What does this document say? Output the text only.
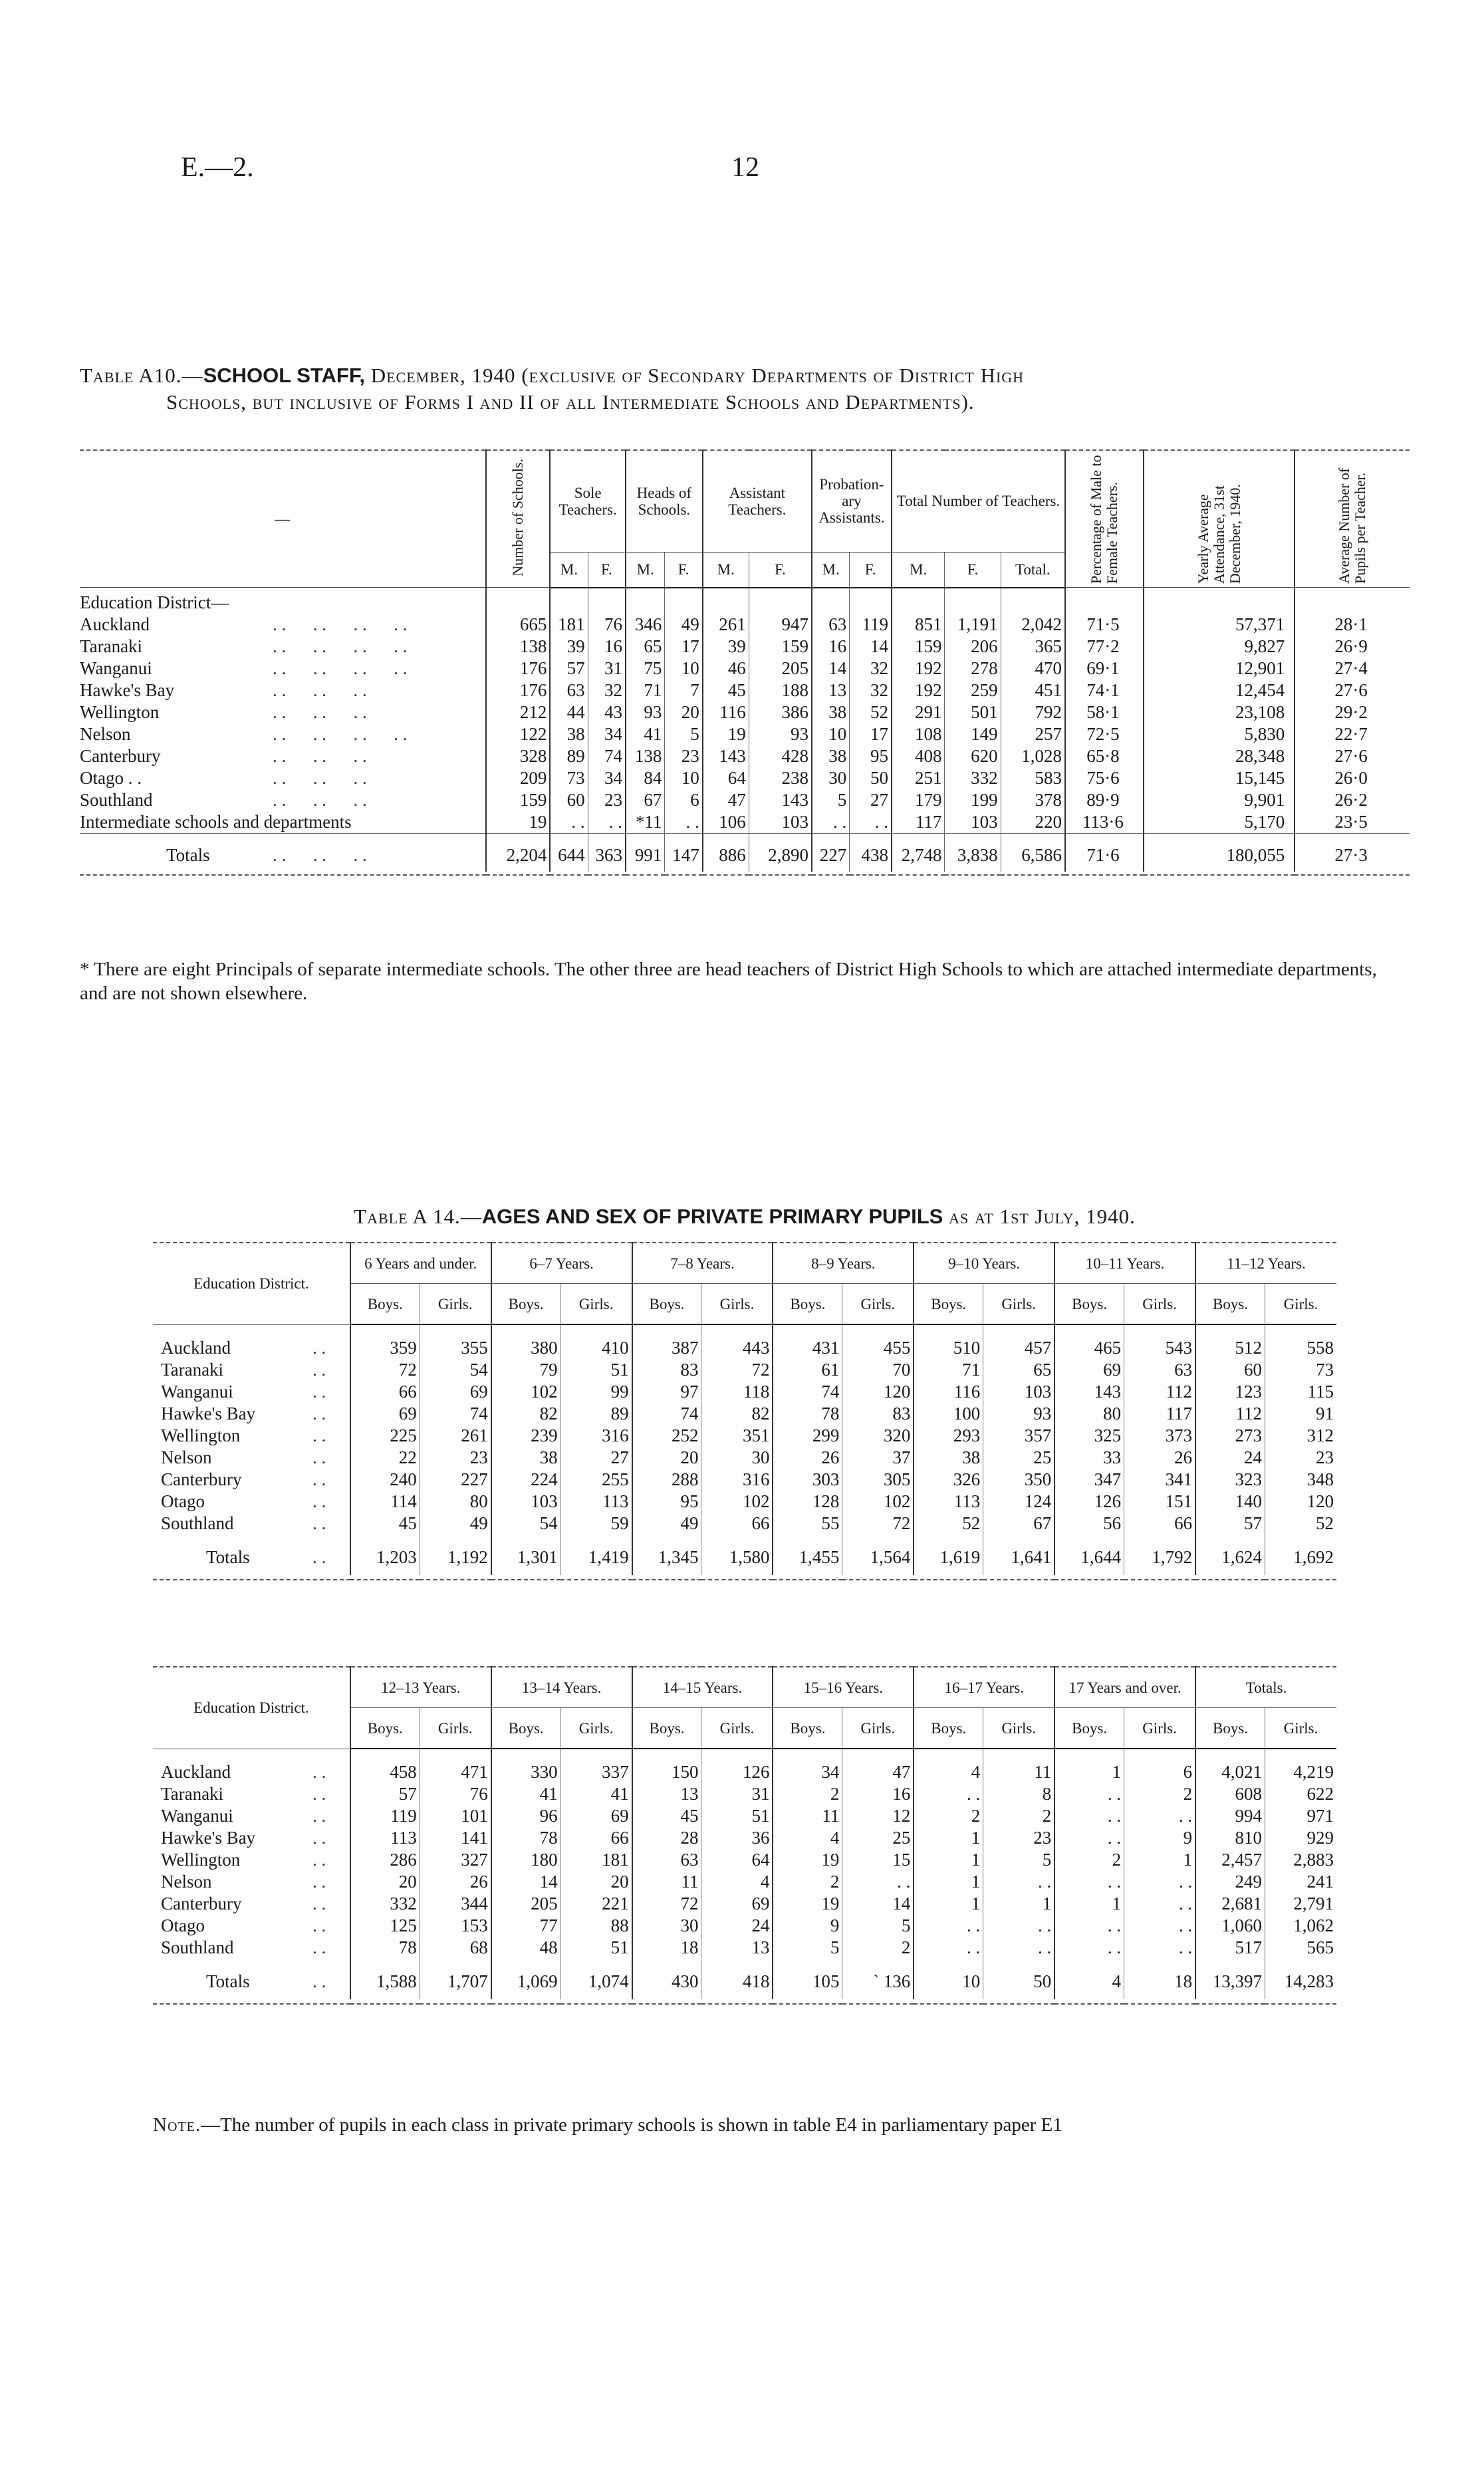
E.—2.	12
Table A10.—SCHOOL STAFF, December, 1940 (exclusive of Secondary Departments of District High
Schools, but inclusive of Forms I and II of all Intermediate Schools and Departments).
—	Number of Schools.	Sole Teachers.		Heads of Schools.		Assistant Teachers.		Probation-ary Assistants.		Total Number of Teachers.			Percentage of Male to Female Teachers.	Yearly Average Attendance, 31st December, 1940.	Average Number of Pupils per Teacher.
		M.	F.	M.	F.	M.	F.	M.	F.	M.	F.	Total.			
Education District—															
Auckland . .      . .      . .      . .	665	181	76	346	49	261	947	63	119	851	1,191	2,042	71·5	57,371	28·1
Taranaki . .      . .      . .      . .	138	39	16	65	17	39	159	16	14	159	206	365	77·2	9,827	26·9
Wanganui . .      . .      . .      . .	176	57	31	75	10	46	205	14	32	192	278	470	69·1	12,901	27·4
Hawke's Bay . .      . .      . .	176	63	32	71	7	45	188	13	32	192	259	451	74·1	12,454	27·6
Wellington . .      . .      . .	212	44	43	93	20	116	386	38	52	291	501	792	58·1	23,108	29·2
Nelson . .      . .      . .      . .	122	38	34	41	5	19	93	10	17	108	149	257	72·5	5,830	22·7
Canterbury . .      . .      . .	328	89	74	138	23	143	428	38	95	408	620	1,028	65·8	28,348	27·6
Otago . . . .      . .      . .	209	73	34	84	10	64	238	30	50	251	332	583	75·6	15,145	26·0
Southland . .      . .      . .	159	60	23	67	6	47	143	5	27	179	199	378	89·9	9,901	26·2
Intermediate schools and departments	19	. .	. .	*11	. .	106	103	. .	. .	117	103	220	113·6	5,170	23·5
Totals . .      . .      . .	2,204	644	363	991	147	886	2,890	227	438	2,748	3,838	6,586	71·6	180,055	27·3

* There are eight Principals of separate intermediate schools. The other three are head teachers of District High Schools to which are attached intermediate departments, and are not shown elsewhere.
Table A 14.—AGES AND SEX OF PRIVATE PRIMARY PUPILS as at 1st July, 1940.
Education District.	6 Years and under.		6–7 Years.		7–8 Years.		8–9 Years.		9–10 Years.		10–11 Years.		11–12 Years.	
	Boys.	Girls.	Boys.	Girls.	Boys.	Girls.	Boys.	Girls.	Boys.	Girls.	Boys.	Girls.	Boys.	Girls.

Auckland . .	359	355	380	410	387	443	431	455	510	457	465	543	512	558
Taranaki . .	72	54	79	51	83	72	61	70	71	65	69	63	60	73
Wanganui . .	66	69	102	99	97	118	74	120	116	103	143	112	123	115
Hawke's Bay . .	69	74	82	89	74	82	78	83	100	93	80	117	112	91
Wellington . .	225	261	239	316	252	351	299	320	293	357	325	373	273	312
Nelson . .	22	23	38	27	20	30	26	37	38	25	33	26	24	23
Canterbury . .	240	227	224	255	288	316	303	305	326	350	347	341	323	348
Otago . .	114	80	103	113	95	102	128	102	113	124	126	151	140	120
Southland . .	45	49	54	59	49	66	55	72	52	67	56	66	57	52
Totals . .	1,203	1,192	1,301	1,419	1,345	1,580	1,455	1,564	1,619	1,641	1,644	1,792	1,624	1,692

Education District.	12–13 Years.		13–14 Years.		14–15 Years.		15–16 Years.		16–17 Years.		17 Years and over.		Totals.	
	Boys.	Girls.	Boys.	Girls.	Boys.	Girls.	Boys.	Girls.	Boys.	Girls.	Boys.	Girls.	Boys.	Girls.

Auckland . .	458	471	330	337	150	126	34	47	4	11	1	6	4,021	4,219
Taranaki . .	57	76	41	41	13	31	2	16	. .	8	. .	2	608	622
Wanganui . .	119	101	96	69	45	51	11	12	2	2	. .	. .	994	971
Hawke's Bay . .	113	141	78	66	28	36	4	25	1	23	. .	9	810	929
Wellington . .	286	327	180	181	63	64	19	15	1	5	2	1	2,457	2,883
Nelson . .	20	26	14	20	11	4	2	. .	1	. .	. .	. .	249	241
Canterbury . .	332	344	205	221	72	69	19	14	1	1	1	. .	2,681	2,791
Otago . .	125	153	77	88	30	24	9	5	. .	. .	. .	. .	1,060	1,062
Southland . .	78	68	48	51	18	13	5	2	. .	. .	. .	. .	517	565
Totals . .	1,588	1,707	1,069	1,074	430	418	105	` 136	10	50	4	18	13,397	14,283

Note.—The number of pupils in each class in private primary schools is shown in table E4 in parliamentary paper E1
